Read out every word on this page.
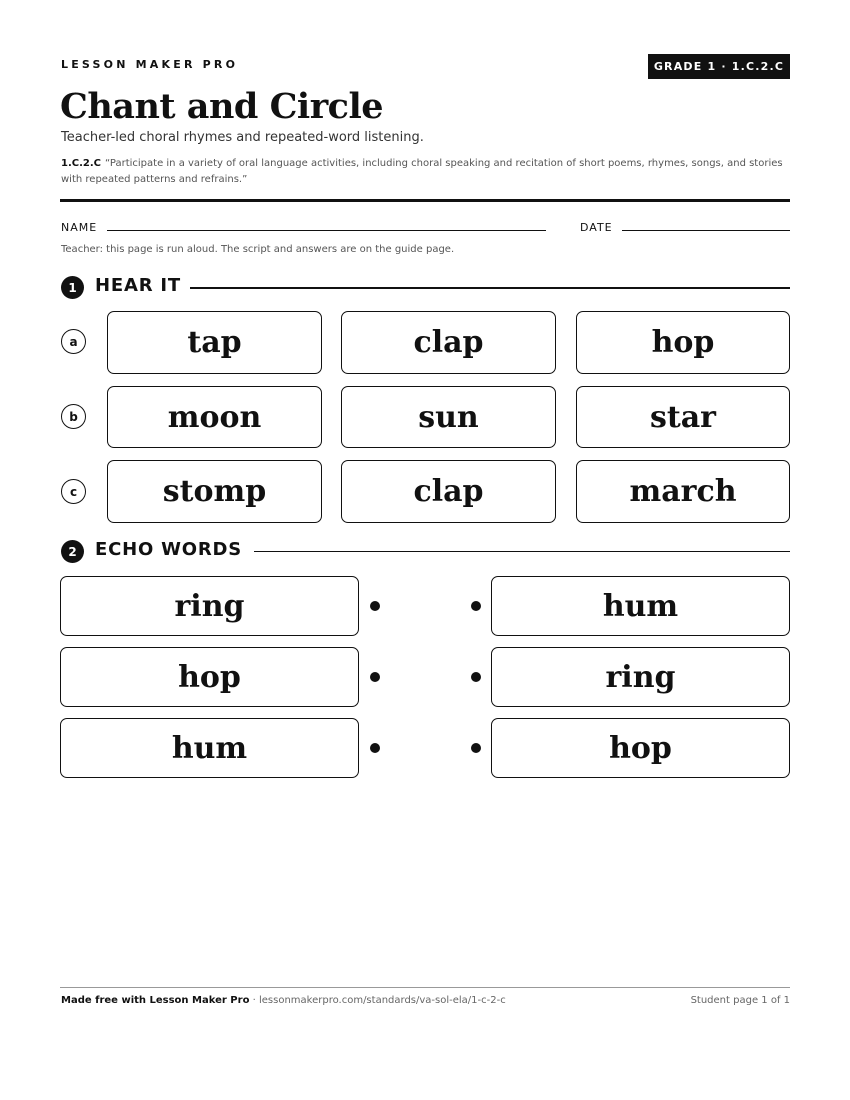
LESSON MAKER PRO	GRADE 1 · 1.C.2.C
Chant and Circle
Teacher-led choral rhymes and repeated-word listening.
1.C.2.C “Participate in a variety of oral language activities, including choral speaking and recitation of short poems, rhymes, songs, and stories with repeated patterns and refrains.”
NAME	DATE
Teacher: this page is run aloud. The script and answers are on the guide page.
1	HEAR IT
a	tap	clap	hop
b	moon	sun	star
c	stomp	clap	march
2	ECHO WORDS
ring	hum
hop	ring
hum	hop
Made free with Lesson Maker Pro · lessonmakerpro.com/standards/va-sol-ela/1-c-2-c	Student page 1 of 1
